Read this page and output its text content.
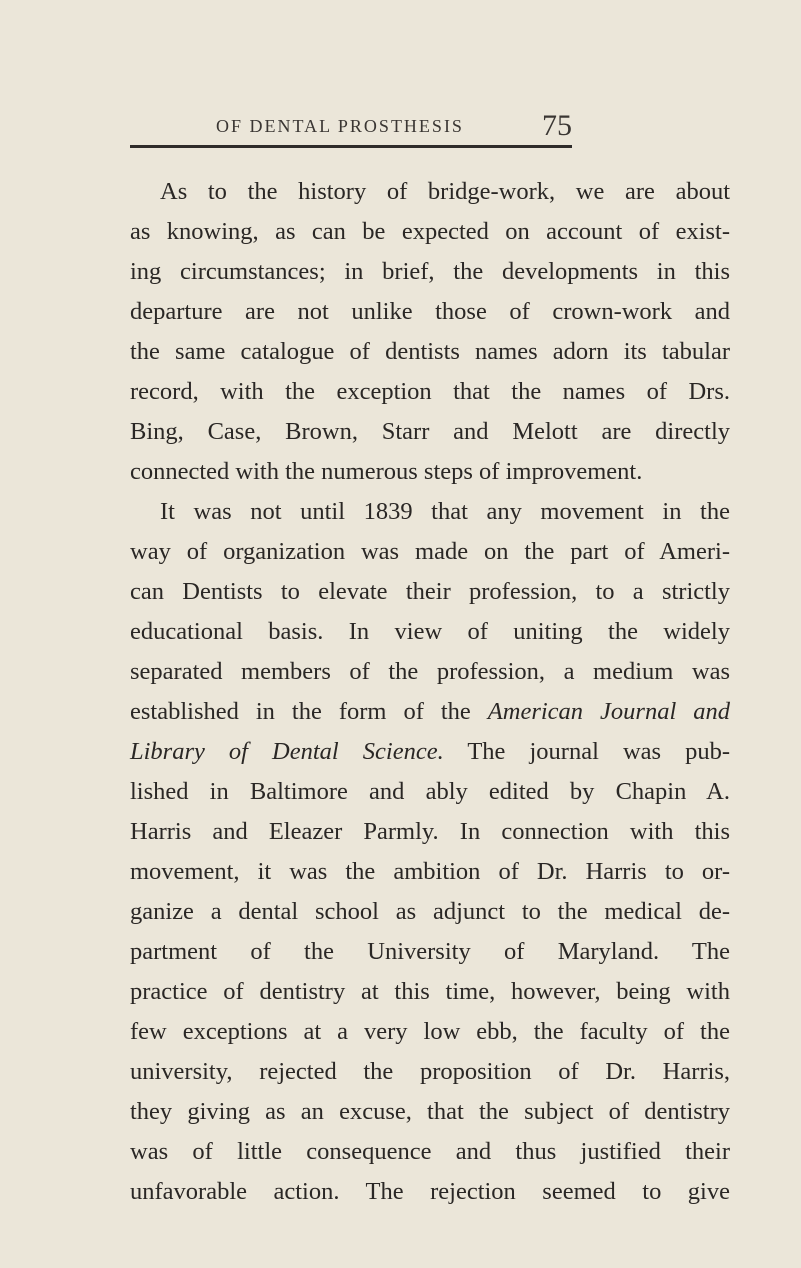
OF DENTAL PROSTHESIS	75
As to the history of bridge-work, we are about
as knowing, as can be expected on account of exist-
ing circumstances; in brief, the developments in this
departure are not unlike those of crown-work and
the same catalogue of dentists names adorn its tabular
record, with the exception that the names of Drs.
Bing, Case, Brown, Starr and Melott are directly
connected with the numerous steps of improvement.
It was not until 1839 that any movement in the
way of organization was made on the part of Ameri-
can Dentists to elevate their profession, to a strictly
educational basis. In view of uniting the widely
separated members of the profession, a medium was
established in the form of the American Journal and
Library of Dental Science. The journal was pub-
lished in Baltimore and ably edited by Chapin A.
Harris and Eleazer Parmly. In connection with this
movement, it was the ambition of Dr. Harris to or-
ganize a dental school as adjunct to the medical de-
partment of the University of Maryland. The
practice of dentistry at this time, however, being with
few exceptions at a very low ebb, the faculty of the
university, rejected the proposition of Dr. Harris,
they giving as an excuse, that the subject of dentistry
was of little consequence and thus justified their
unfavorable action. The rejection seemed to give
